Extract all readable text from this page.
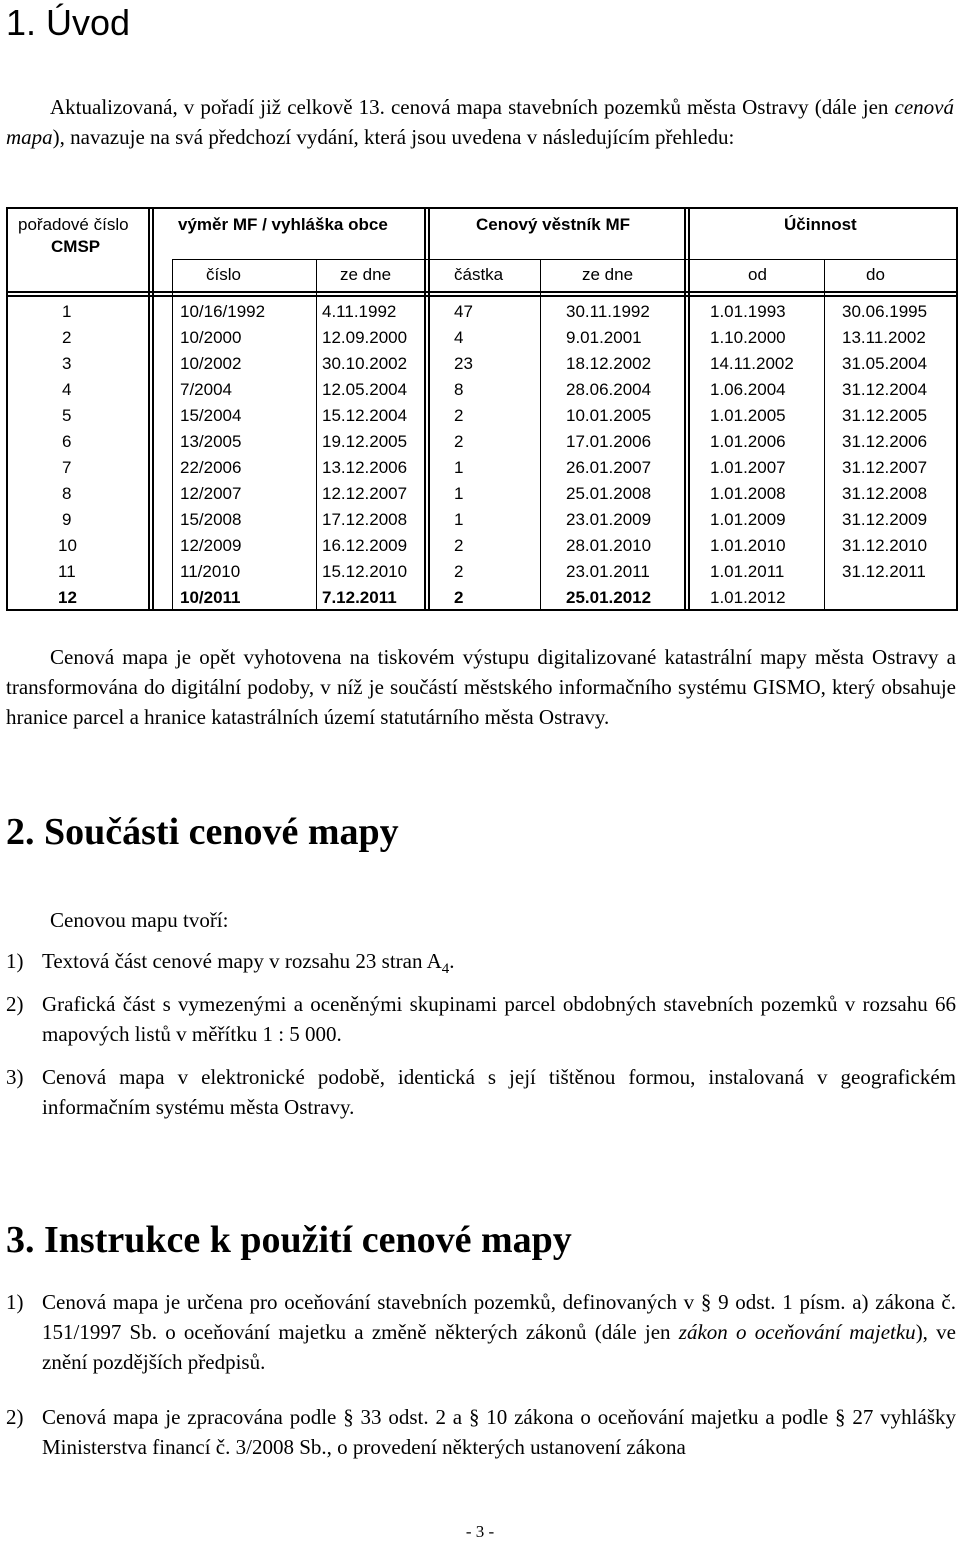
1. Úvod
Aktualizovaná, v pořadí již celkově 13. cenová mapa stavebních pozemků města Ostravy (dále jen cenová mapa), navazuje na svá předchozí vydání, která jsou uvedena v následujícím přehledu:
pořadové číslo
CMSP
výměr MF / vyhláška obce	Cenový věstník MF	Účinnost
číslo	ze dne	částka	ze dne	od	do
1	10/16/1992	4.11.1992	47	30.11.1992	1.01.1993	30.06.1995
2	10/2000	12.09.2000	4	9.01.2001	1.10.2000	13.11.2002
3	10/2002	30.10.2002	23	18.12.2002	14.11.2002	31.05.2004
4	7/2004	12.05.2004	8	28.06.2004	1.06.2004	31.12.2004
5	15/2004	15.12.2004	2	10.01.2005	1.01.2005	31.12.2005
6	13/2005	19.12.2005	2	17.01.2006	1.01.2006	31.12.2006
7	22/2006	13.12.2006	1	26.01.2007	1.01.2007	31.12.2007
8	12/2007	12.12.2007	1	25.01.2008	1.01.2008	31.12.2008
9	15/2008	17.12.2008	1	23.01.2009	1.01.2009	31.12.2009
10	12/2009	16.12.2009	2	28.01.2010	1.01.2010	31.12.2010
11	11/2010	15.12.2010	2	23.01.2011	1.01.2011	31.12.2011
12	10/2011	7.12.2011	2	25.01.2012	1.01.2012
Cenová mapa je opět vyhotovena na tiskovém výstupu digitalizované katastrální mapy města Ostravy a transformována do digitální podoby, v níž je součástí městského informačního systému GISMO, který obsahuje hranice parcel a hranice katastrálních území statutárního města Ostravy.
2. Součásti cenové mapy
Cenovou mapu tvoří:
1) Textová část cenové mapy v rozsahu 23 stran $A_4$.
2) Grafická část s vymezenými a oceněnými skupinami parcel obdobných stavebních pozemků v rozsahu 66 mapových listů v měřítku 1 : 5 000.
3) Cenová mapa v elektronické podobě, identická s její tištěnou formou, instalovaná v geografickém informačním systému města Ostravy.
3. Instrukce k použití cenové mapy
1) Cenová mapa je určena pro oceňování stavebních pozemků, definovaných v § 9 odst. 1 písm. a) zákona č. 151/1997 Sb. o oceňování majetku a změně některých zákonů (dále jen zákon o oceňování majetku), ve znění pozdějších předpisů.
2) Cenová mapa je zpracována podle § 33 odst. 2 a § 10 zákona o oceňování majetku a podle § 27 vyhlášky Ministerstva financí č. 3/2008 Sb., o provedení některých ustanovení zákona
- 3 -
